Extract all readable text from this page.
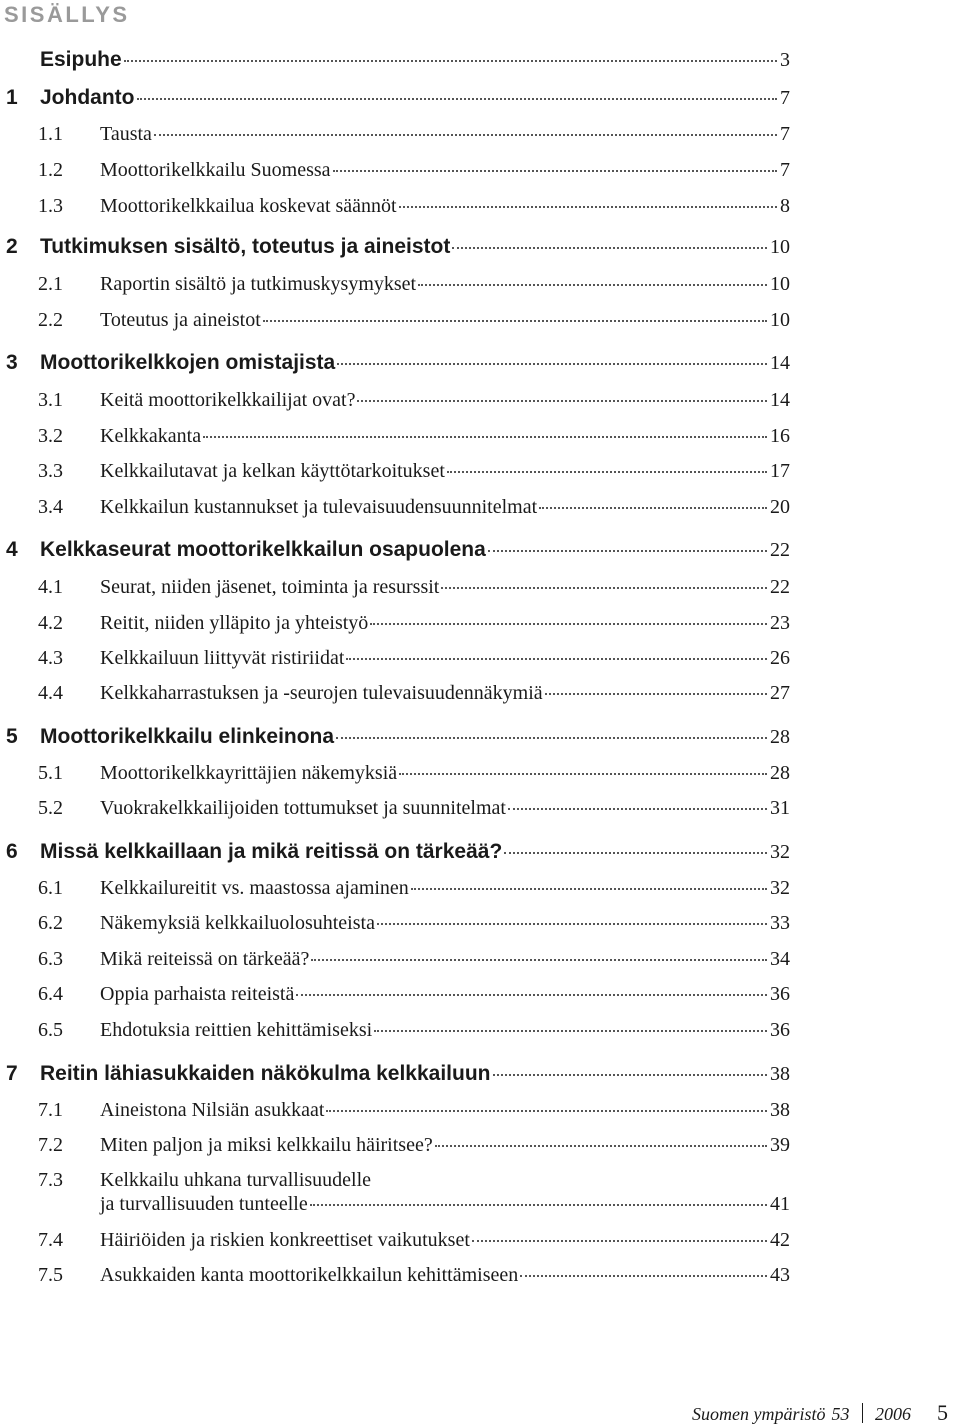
SISÄLLYS
Esipuhe	3
1 Johdanto	7
1.1 Tausta	7
1.2 Moottorikelkkailu Suomessa	7
1.3 Moottorikelkkailua koskevat säännöt	8
2 Tutkimuksen sisältö, toteutus ja aineistot	10
2.1 Raportin sisältö ja tutkimuskysymykset	10
2.2 Toteutus ja aineistot	10
3 Moottorikelkkojen omistajista	14
3.1 Keitä moottorikelkkailijat ovat?	14
3.2 Kelkkakanta	16
3.3 Kelkkailutavat ja kelkan käyttötarkoitukset	17
3.4 Kelkkailun kustannukset ja tulevaisuudensuunnitelmat	20
4 Kelkkaseurat moottorikelkkailun osapuolena	22
4.1 Seurat, niiden jäsenet, toiminta ja resurssit	22
4.2 Reitit, niiden ylläpito ja yhteistyö	23
4.3 Kelkkailuun liittyvät ristiriidat	26
4.4 Kelkkaharrastuksen ja -seurojen tulevaisuudennäkymiä	27
5 Moottorikelkkailu elinkeinona	28
5.1 Moottorikelkkayrittäjien näkemyksiä	28
5.2 Vuokrakelkkailijoiden tottumukset ja suunnitelmat	31
6 Missä kelkkaillaan ja mikä reitissä on tärkeää?	32
6.1 Kelkkailureitit vs. maastossa ajaminen	32
6.2 Näkemyksiä kelkkailuolosuhteista	33
6.3 Mikä reiteissä on tärkeää?	34
6.4 Oppia parhaista reiteistä	36
6.5 Ehdotuksia reittien kehittämiseksi	36
7 Reitin lähiasukkaiden näkökulma kelkkailuun	38
7.1 Aineistona Nilsiän asukkaat	38
7.2 Miten paljon ja miksi kelkkailu häiritsee?	39
7.3 Kelkkailu uhkana turvallisuudelle
ja turvallisuuden tunteelle	41
7.4 Häiriöiden ja riskien konkreettiset vaikutukset	42
7.5 Asukkaiden kanta moottorikelkkailun kehittämiseen	43
Suomen ympäristö 53 2006 5
